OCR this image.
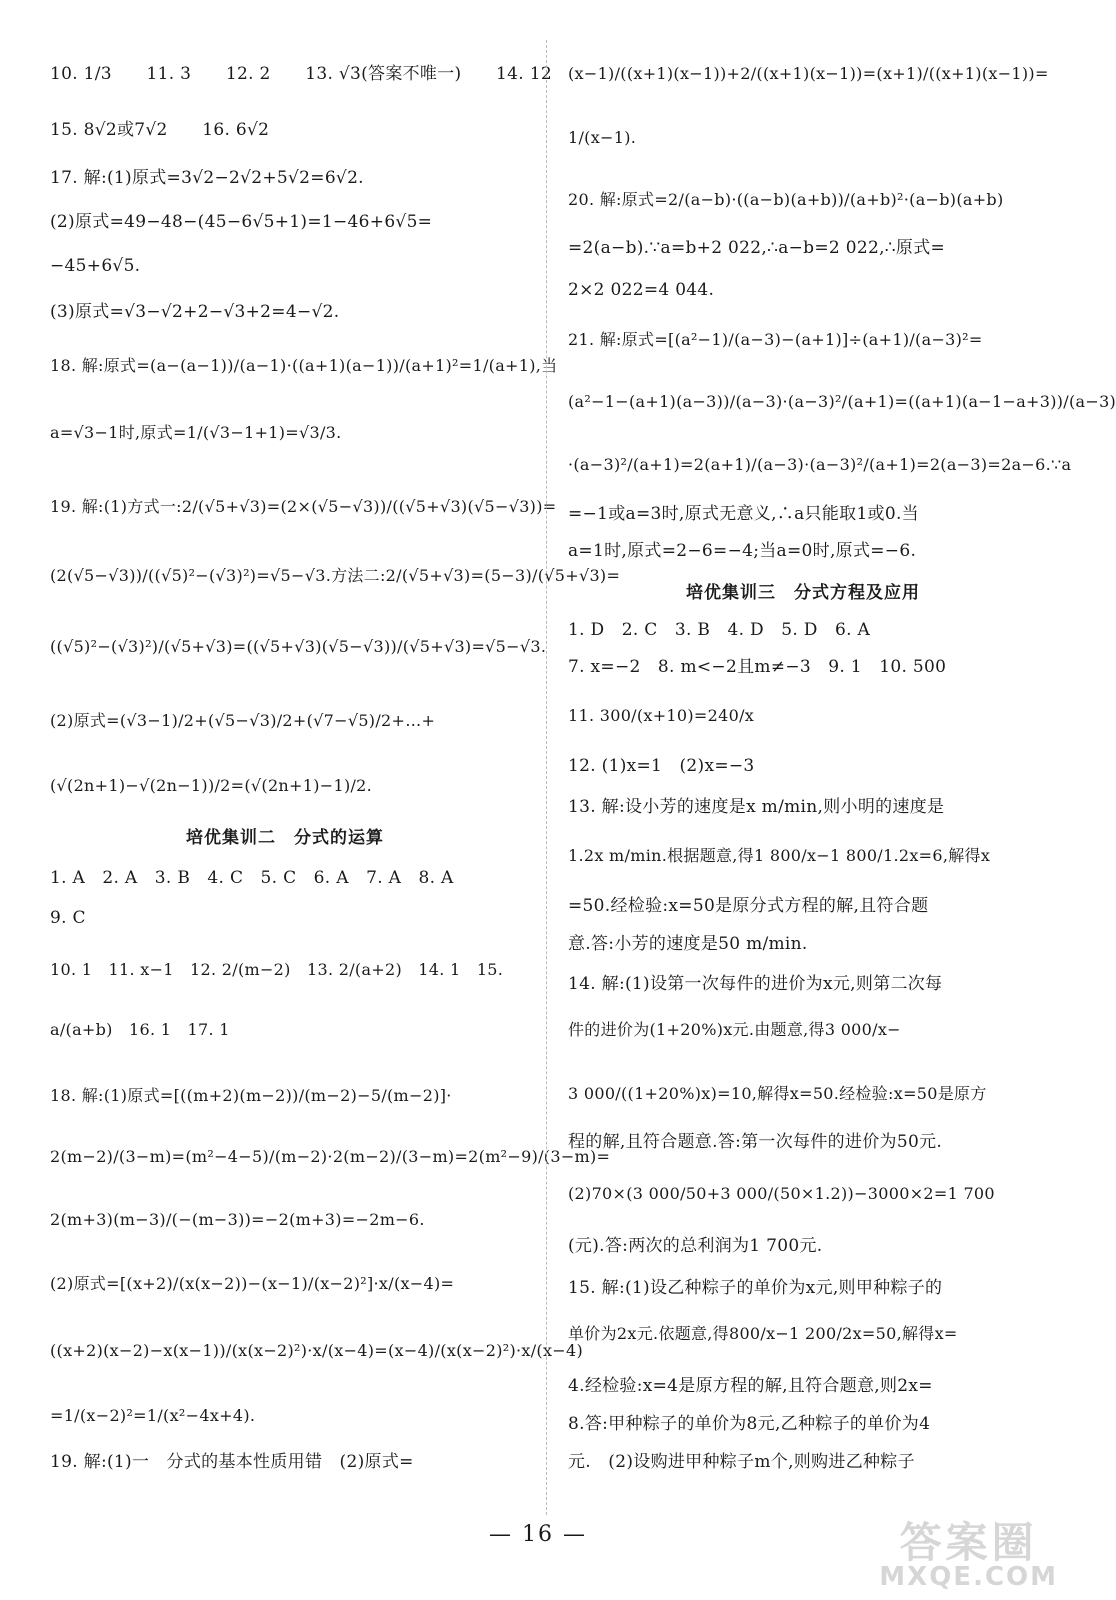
10. 1/3　　11. 3　　12. 2　　13. √3(答案不唯一)　　14. 12
15. 8√2或7√2　　16. 6√2
17. 解:(1)原式=3√2−2√2+5√2=6√2.
(2)原式=49−48−(45−6√5+1)=1−46+6√5=
−45+6√5.
(3)原式=√3−√2+2−√3+2=4−√2.
18. 解:原式=(a−(a−1))/(a−1)·((a+1)(a−1))/(a+1)²=1/(a+1),当
a=√3−1时,原式=1/(√3−1+1)=√3/3.
19. 解:(1)方式一:2/(√5+√3)=(2×(√5−√3))/((√5+√3)(√5−√3))=
(2(√5−√3))/((√5)²−(√3)²)=√5−√3.方法二:2/(√5+√3)=(5−3)/(√5+√3)=
((√5)²−(√3)²)/(√5+√3)=((√5+√3)(√5−√3))/(√5+√3)=√5−√3.
(2)原式=(√3−1)/2+(√5−√3)/2+(√7−√5)/2+…+
(√(2n+1)−√(2n−1))/2=(√(2n+1)−1)/2.
培优集训二　分式的运算
1. A　2. A　3. B　4. C　5. C　6. A　7. A　8. A
9. C
10. 1　11. x−1　12. 2/(m−2)　13. 2/(a+2)　14. 1　15.
a/(a+b)　16. 1　17. 1
18. 解:(1)原式=[((m+2)(m−2))/(m−2)−5/(m−2)]·
2(m−2)/(3−m)=(m²−4−5)/(m−2)·2(m−2)/(3−m)=2(m²−9)/(3−m)=
2(m+3)(m−3)/(−(m−3))=−2(m+3)=−2m−6.
(2)原式=[(x+2)/(x(x−2))−(x−1)/(x−2)²]·x/(x−4)=
((x+2)(x−2)−x(x−1))/(x(x−2)²)·x/(x−4)=(x−4)/(x(x−2)²)·x/(x−4)
=1/(x−2)²=1/(x²−4x+4).
19. 解:(1)一　分式的基本性质用错　(2)原式=
(x−1)/((x+1)(x−1))+2/((x+1)(x−1))=(x+1)/((x+1)(x−1))=
1/(x−1).
20. 解:原式=2/(a−b)·((a−b)(a+b))/(a+b)²·(a−b)(a+b)
=2(a−b).∵a=b+2 022,∴a−b=2 022,∴原式=
2×2 022=4 044.
21. 解:原式=[(a²−1)/(a−3)−(a+1)]÷(a+1)/(a−3)²=
(a²−1−(a+1)(a−3))/(a−3)·(a−3)²/(a+1)=((a+1)(a−1−a+3))/(a−3)
·(a−3)²/(a+1)=2(a+1)/(a−3)·(a−3)²/(a+1)=2(a−3)=2a−6.∵a
=−1或a=3时,原式无意义,∴a只能取1或0.当
a=1时,原式=2−6=−4;当a=0时,原式=−6.
培优集训三　分式方程及应用
1. D　2. C　3. B　4. D　5. D　6. A
7. x=−2　8. m<−2且m≠−3　9. 1　10. 500
11. 300/(x+10)=240/x
12. (1)x=1　(2)x=−3
13. 解:设小芳的速度是x m/min,则小明的速度是
1.2x m/min.根据题意,得1 800/x−1 800/1.2x=6,解得x
=50.经检验:x=50是原分式方程的解,且符合题
意.答:小芳的速度是50 m/min.
14. 解:(1)设第一次每件的进价为x元,则第二次每
件的进价为(1+20%)x元.由题意,得3 000/x−
3 000/((1+20%)x)=10,解得x=50.经检验:x=50是原方
程的解,且符合题意.答:第一次每件的进价为50元.
(2)70×(3 000/50+3 000/(50×1.2))−3000×2=1 700
(元).答:两次的总利润为1 700元.
15. 解:(1)设乙种粽子的单价为x元,则甲种粽子的
单价为2x元.依题意,得800/x−1 200/2x=50,解得x=
4.经检验:x=4是原方程的解,且符合题意,则2x=
8.答:甲种粽子的单价为8元,乙种粽子的单价为4
元.　(2)设购进甲种粽子m个,则购进乙种粽子
— 16 —	答案圈
MXQE.COM
